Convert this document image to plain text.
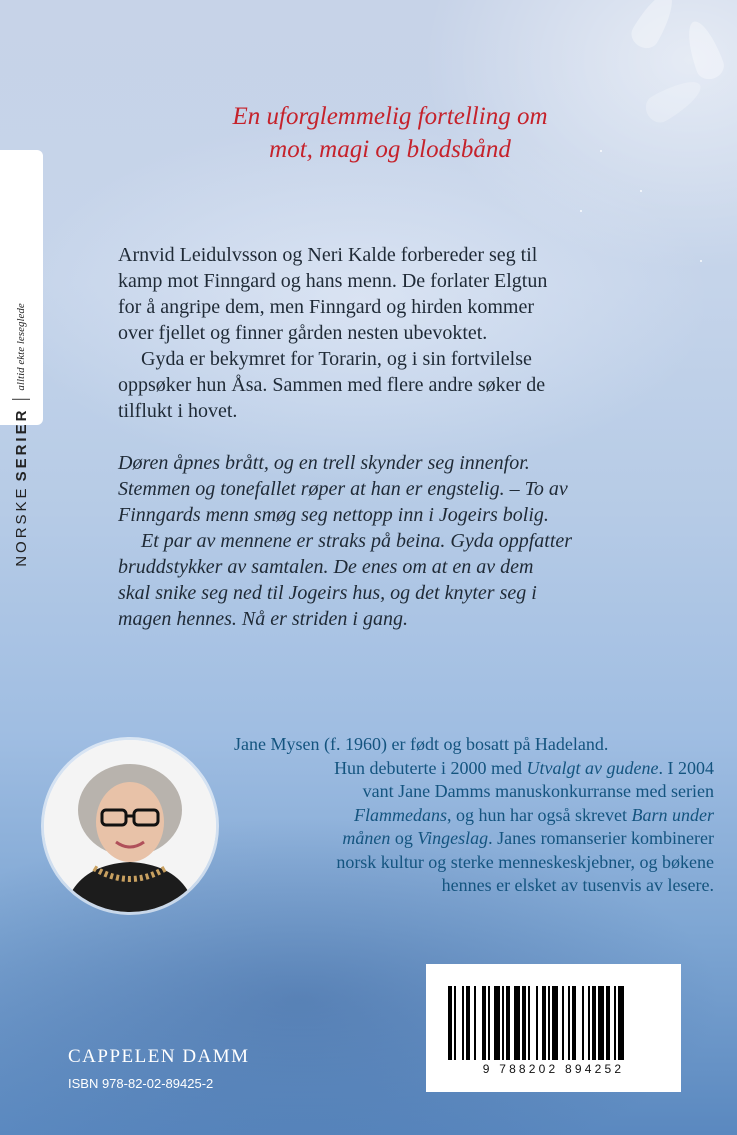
NORSKE
SERIER
alltid ekte leseglede
En uforglemmelig fortelling om
mot, magi og blodsbånd
Arnvid Leidulvsson og Neri Kalde forbereder seg til
kamp mot Finngard og hans menn. De forlater Elgtun
for å angripe dem, men Finngard og hirden kommer
over fjellet og finner gården nesten ubevoktet.
Gyda er bekymret for Torarin, og i sin fortvilelse
oppsøker hun Åsa. Sammen med flere andre søker de
tilflukt i hovet.
Døren åpnes brått, og en trell skynder seg innenfor.
Stemmen og tonefallet røper at han er engstelig. – To av
Finngards menn smøg seg nettopp inn i Jogeirs bolig.
Et par av mennene er straks på beina. Gyda oppfatter
bruddstykker av samtalen. De enes om at en av dem
skal snike seg ned til Jogeirs hus, og det knyter seg i
magen hennes. Nå er striden i gang.
Jane Mysen (f. 1960) er født og bosatt på Hadeland.
Hun debuterte i 2000 med Utvalgt av gudene. I 2004
vant Jane Damms manuskonkurranse med serien
Flammedans, og hun har også skrevet Barn under
månen og Vingeslag. Janes romanserier kombinerer
norsk kultur og sterke menneskeskjebner, og bøkene
hennes er elsket av tusenvis av lesere.
9 788202 894252
CAPPELEN DAMM
ISBN 978-82-02-89425-2
